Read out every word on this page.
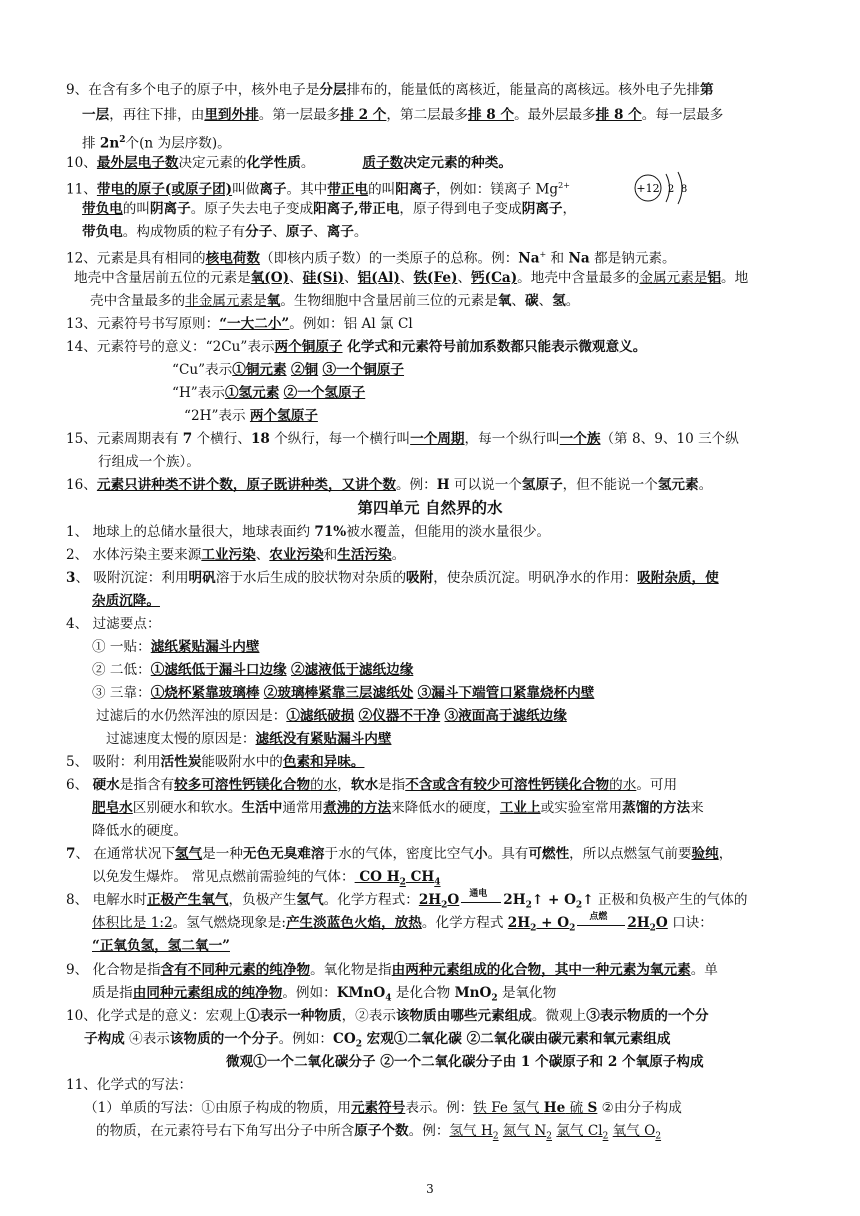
9、在含有多个电子的原子中，核外电子是分层排布的，能量低的离核近，能量高的离核远。核外电子先排第
一层，再往下排，由里到外排。第一层最多排 2 个，第二层最多排 8 个。最外层最多排 8 个。每一层最多
排 $2n^2$个(n 为层序数)。
10、最外层电子数决定元素的化学性质。	质子数决定元素的种类。
11、带电的原子(或原子团)叫做离子。其中带正电的叫阳离子，例如：镁离子 $Mg^{2+}$	+12 2 8
带负电的叫阴离子。原子失去电子变成阳离子,带正电，原子得到电子变成阴离子，
带负电。构成物质的粒子有分子、原子、离子。
12、元素是具有相同的核电荷数（即核内质子数）的一类原子的总称。例：Na+ 和 Na 都是钠元素。
地壳中含量居前五位的元素是氧(O)、硅(Si)、铝(Al)、铁(Fe)、钙(Ca)。地壳中含量最多的金属元素是铝。地
壳中含量最多的非金属元素是氧。生物细胞中含量居前三位的元素是氧、碳、氢。
13、元素符号书写原则：“一大二小”。例如：铝 Al 氯 Cl
14、元素符号的意义：“2Cu”表示两个铜原子 化学式和元素符号前加系数都只能表示微观意义。
“Cu”表示①铜元素 ②铜 ③一个铜原子
“H”表示①氢元素 ②一个氢原子
“2H”表示 两个氢原子
15、元素周期表有 7 个横行、18 个纵行，每一个横行叫一个周期，每一个纵行叫一个族（第 8、9、10 三个纵
行组成一个族）。
16、元素只讲种类不讲个数，原子既讲种类，又讲个数。例：H 可以说一个氢原子，但不能说一个氢元素。
第四单元 自然界的水
1、 地球上的总储水量很大，地球表面约 71%被水覆盖，但能用的淡水量很少。
2、 水体污染主要来源工业污染、农业污染和生活污染。
3、 吸附沉淀：利用明矾溶于水后生成的胶状物对杂质的吸附，使杂质沉淀。明矾净水的作用：吸附杂质，使
杂质沉降。
4、 过滤要点：
① 一贴：滤纸紧贴漏斗内壁
② 二低：①滤纸低于漏斗口边缘 ②滤液低于滤纸边缘
③ 三靠：①烧杯紧靠玻璃棒 ②玻璃棒紧靠三层滤纸处 ③漏斗下端管口紧靠烧杯内壁
过滤后的水仍然浑浊的原因是：①滤纸破损 ②仪器不干净 ③液面高于滤纸边缘
过滤速度太慢的原因是：滤纸没有紧贴漏斗内壁
5、 吸附：利用活性炭能吸附水中的色素和异味。
6、 硬水是指含有较多可溶性钙镁化合物的水，软水是指不含或含有较少可溶性钙镁化合物的水。可用
肥皂水区别硬水和软水。生活中通常用煮沸的方法来降低水的硬度，工业上或实验室常用蒸馏的方法来
降低水的硬度。
7、 在通常状况下氢气是一种无色无臭难溶于水的气体，密度比空气小。具有可燃性，所以点燃氢气前要验纯，
以免发生爆炸。 常见点燃前需验纯的气体： CO $H_2$ $CH_4$
8、 电解水时正极产生氧气，负极产生氢气。化学方程式：$2H_2O$ 通电 $2H_2↑$ + $O_2↑$ 正极和负极产生的气体的
体积比是 1:2。氢气燃烧现象是:产生淡蓝色火焰，放热。化学方程式 $2H_2 + O_2$
点燃 $2H_2O$ 口诀：
“正氧负氢，氢二氧一”
9、 化合物是指含有不同种元素的纯净物。氧化物是指由两种元素组成的化合物，其中一种元素为氧元素。单
质是指由同种元素组成的纯净物。例如：KMnO$_4$ 是化合物 MnO$_2$ 是氧化物
10、化学式是的意义：宏观上①表示一种物质，②表示该物质由哪些元素组成。微观上③表示物质的一个分
子构成 ④表示该物质的一个分子。例如：$CO_2$ 宏观①二氧化碳 ②二氧化碳由碳元素和氧元素组成
微观①一个二氧化碳分子 ②一个二氧化碳分子由 1 个碳原子和 2 个氧原子构成
11、化学式的写法：
（1）单质的写法：①由原子构成的物质，用元素符号表示。例：铁 Fe 氢气 He 硫 S ②由分子构成
的物质，在元素符号右下角写出分子中所含原子个数。例：氢气 $H_2$ 氮气 $N_2$ 氯气 $Cl_2$ 氧气 $O_2$
3
